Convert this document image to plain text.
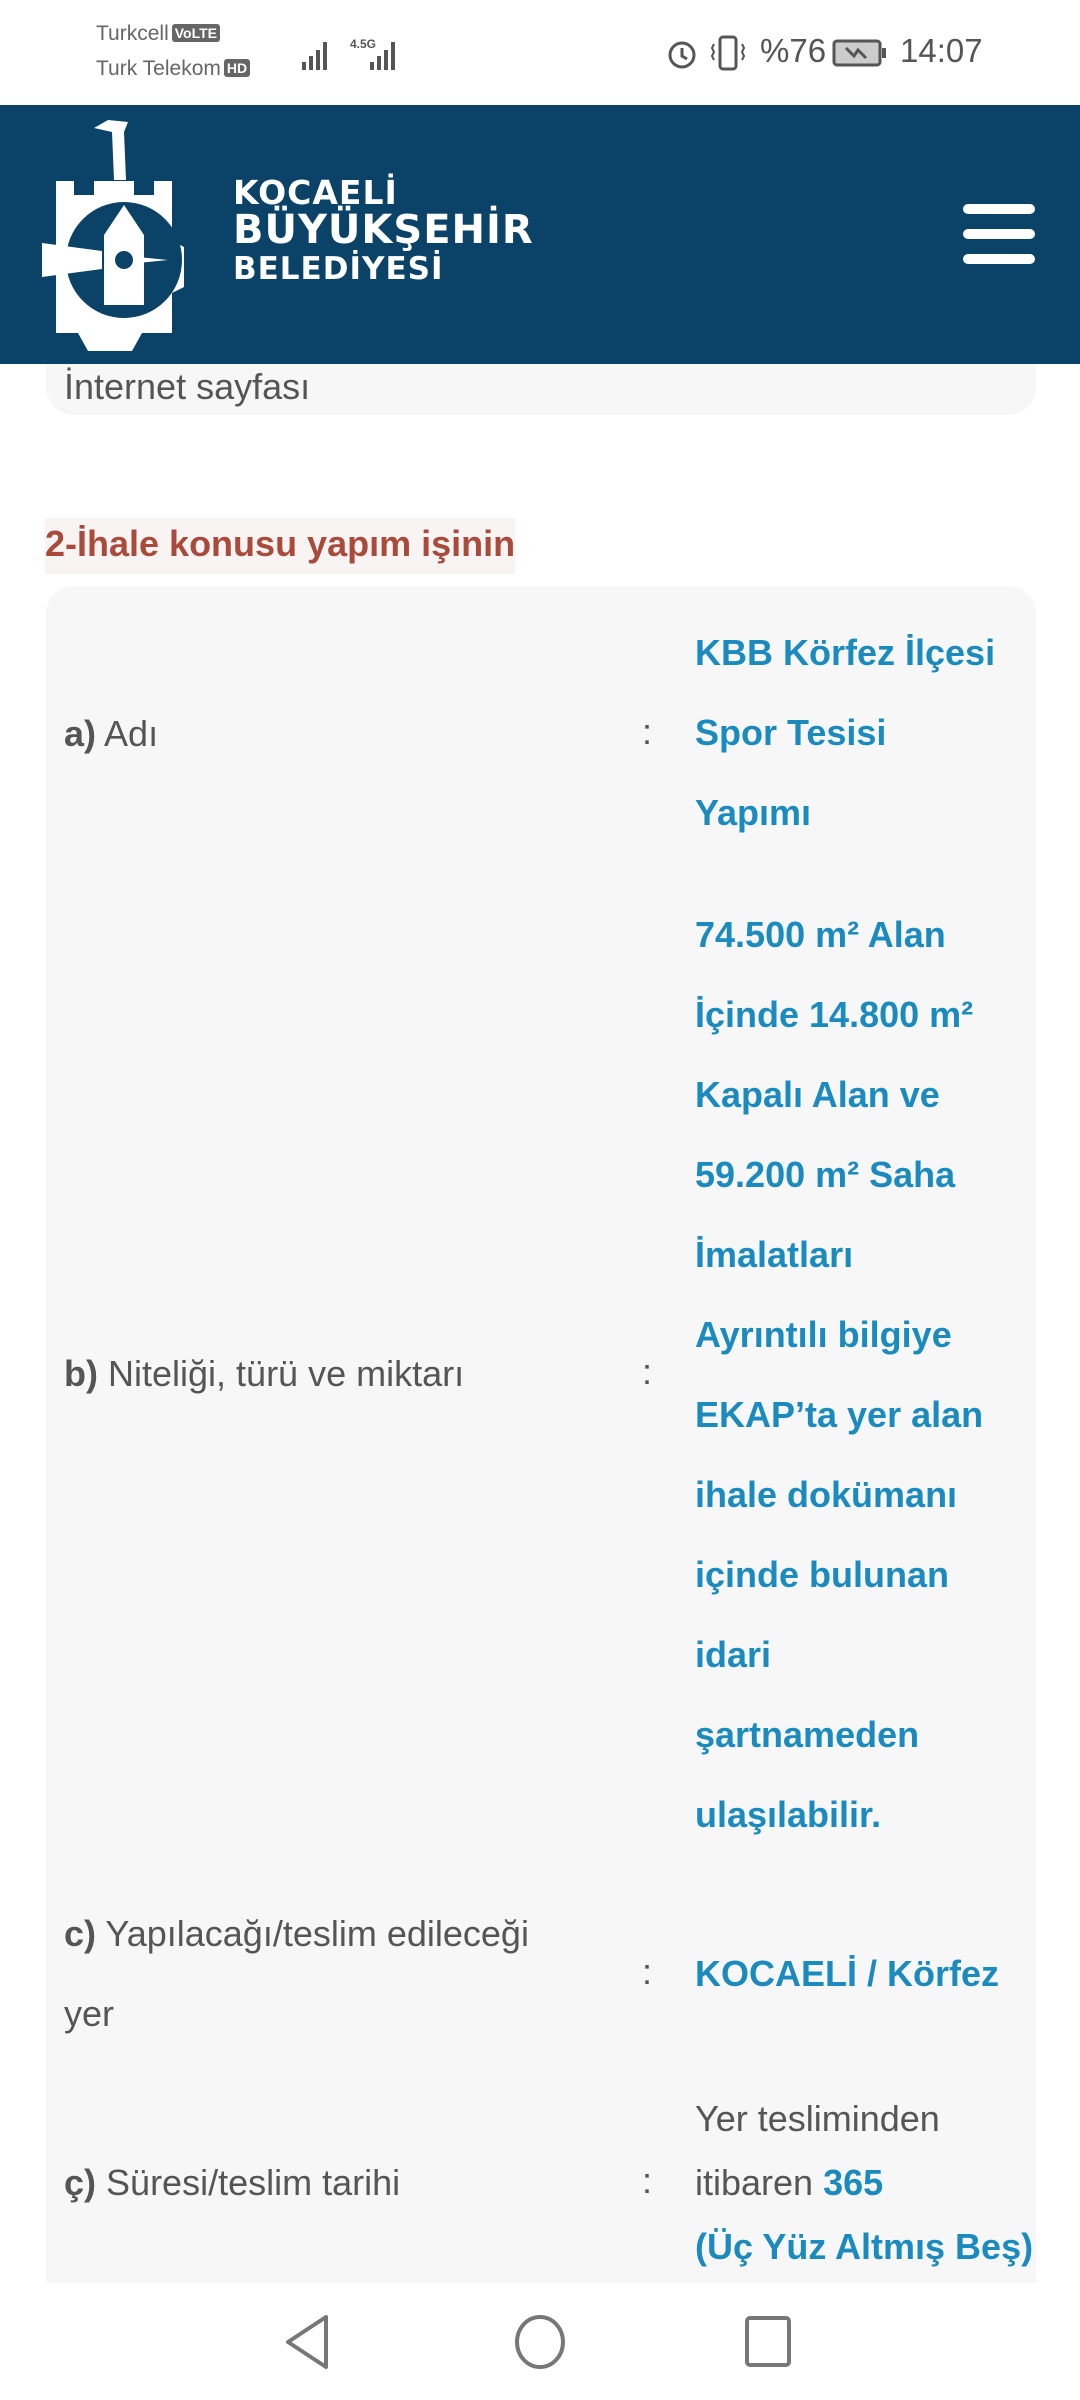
Turkcell VoLTE
Turk Telekom HD
4.5G	%76 14:07
KOCAELİ
BÜYÜKŞEHİR
BELEDİYESİ
İnternet sayfası
2-İhale konusu yapım işinin
a) Adı	:
KBB Körfez İlçesi
Spor Tesisi
Yapımı
b) Niteliği, türü ve miktarı	:
74.500 m² Alan
İçinde 14.800 m²
Kapalı Alan ve
59.200 m² Saha
İmalatları
Ayrıntılı bilgiye
EKAP’ta yer alan
ihale dokümanı
içinde bulunan
idari
şartnameden
ulaşılabilir.
c) Yapılacağı/teslim edileceği
yer
: KOCAELİ / Körfez
ç) Süresi/teslim tarihi	:
Yer tesliminden
itibaren 365
(Üç Yüz Altmış Beş)
